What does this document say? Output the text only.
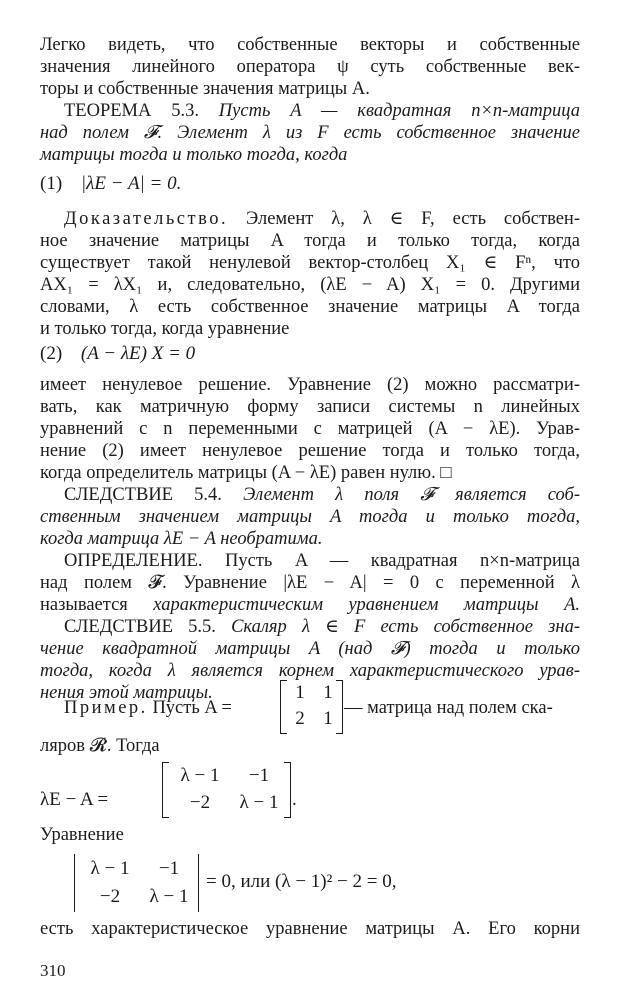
Легко видеть, что собственные векторы и собственные
значения линейного оператора ψ суть собственные век-
торы и собственные значения матрицы A.
ТЕОРЕМА 5.3. Пусть A — квадратная n×n-матрица
над полем 𝓕. Элемент λ из F есть собственное значение
матрицы тогда и только тогда, когда
(1) |λE − A| = 0.
Доказательство. Элемент λ, λ ∈ F, есть собствен-
ное значение матрицы A тогда и только тогда, когда
существует такой ненулевой вектор-столбец X₁ ∈ Fⁿ, что
AX₁ = λX₁ и, следовательно, (λE − A) X₁ = 0. Другими
словами, λ есть собственное значение матрицы A тогда
и только тогда, когда уравнение
(2) (A − λE) X = 0
имеет ненулевое решение. Уравнение (2) можно рассматри-
вать, как матричную форму записи системы n линейных
уравнений с n переменными с матрицей (A − λE). Урав-
нение (2) имеет ненулевое решение тогда и только тогда,
когда определитель матрицы (A − λE) равен нулю. □
СЛЕДСТВИЕ 5.4. Элемент λ поля 𝓕 является соб-
ственным значением матрицы A тогда и только тогда,
когда матрица λE − A необратима.
ОПРЕДЕЛЕНИЕ. Пусть A — квадратная n×n-матрица
над полем 𝓕. Уравнение |λE − A| = 0 с переменной λ
называется характеристическим уравнением матрицы A.
СЛЕДСТВИЕ 5.5. Скаляр λ ∈ F есть собственное зна-
чение квадратной матрицы A (над 𝓕) тогда и только
тогда, когда λ является корнем характеристического урав-
нения этой матрицы.
Пример. Пусть A =
1 1
2 1 — матрица над полем ска-
ляров 𝓡. Тогда
λE − A =
λ − 1	−1
−2	λ − 1 .
Уравнение
λ − 1	−1
−2	λ − 1
= 0, или (λ − 1)² − 2 = 0,
есть характеристическое уравнение матрицы A. Его корни
310
